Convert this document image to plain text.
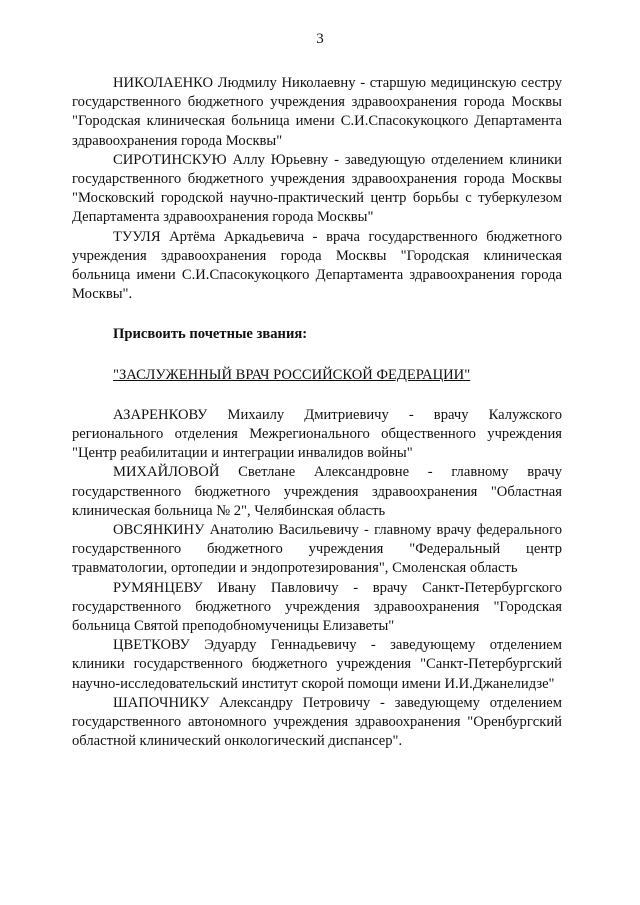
3

НИКОЛАЕНКО Людмилу Николаевну - старшую медицинскую сестру государственного бюджетного учреждения здравоохранения города Москвы "Городская клиническая больница имени С.И.Спасокукоцкого Департамента здравоохранения города Москвы"

СИРОТИНСКУЮ Аллу Юрьевну - заведующую отделением клиники государственного бюджетного учреждения здравоохранения города Москвы "Московский городской научно-практический центр борьбы с туберкулезом Департамента здравоохранения города Москвы"

ТУУЛЯ Артёма Аркадьевича - врача государственного бюджетного учреждения здравоохранения города Москвы "Городская клиническая больница имени С.И.Спасокукоцкого Департамента здравоохранения города Москвы".

Присвоить почетные звания:
"ЗАСЛУЖЕННЫЙ ВРАЧ РОССИЙСКОЙ ФЕДЕРАЦИИ"

АЗАРЕНКОВУ Михаилу Дмитриевичу - врачу Калужского регионального отделения Межрегионального общественного учреждения "Центр реабилитации и интеграции инвалидов войны"

МИХАЙЛОВОЙ Светлане Александровне - главному врачу государственного бюджетного учреждения здравоохранения "Областная клиническая больница № 2", Челябинская область

ОВСЯНКИНУ Анатолию Васильевичу - главному врачу федерального государственного бюджетного учреждения "Федеральный центр травматологии, ортопедии и эндопротезирования", Смоленская область

РУМЯНЦЕВУ Ивану Павловичу - врачу Санкт-Петербургского государственного бюджетного учреждения здравоохранения "Городская больница Святой преподобномученицы Елизаветы"

ЦВЕТКОВУ Эдуарду Геннадьевичу - заведующему отделением клиники государственного бюджетного учреждения "Санкт-Петербургский научно-исследовательский институт скорой помощи имени И.И.Джанелидзе"

ШАПОЧНИКУ Александру Петровичу - заведующему отделением государственного автономного учреждения здравоохранения "Оренбургский областной клинический онкологический диспансер".
